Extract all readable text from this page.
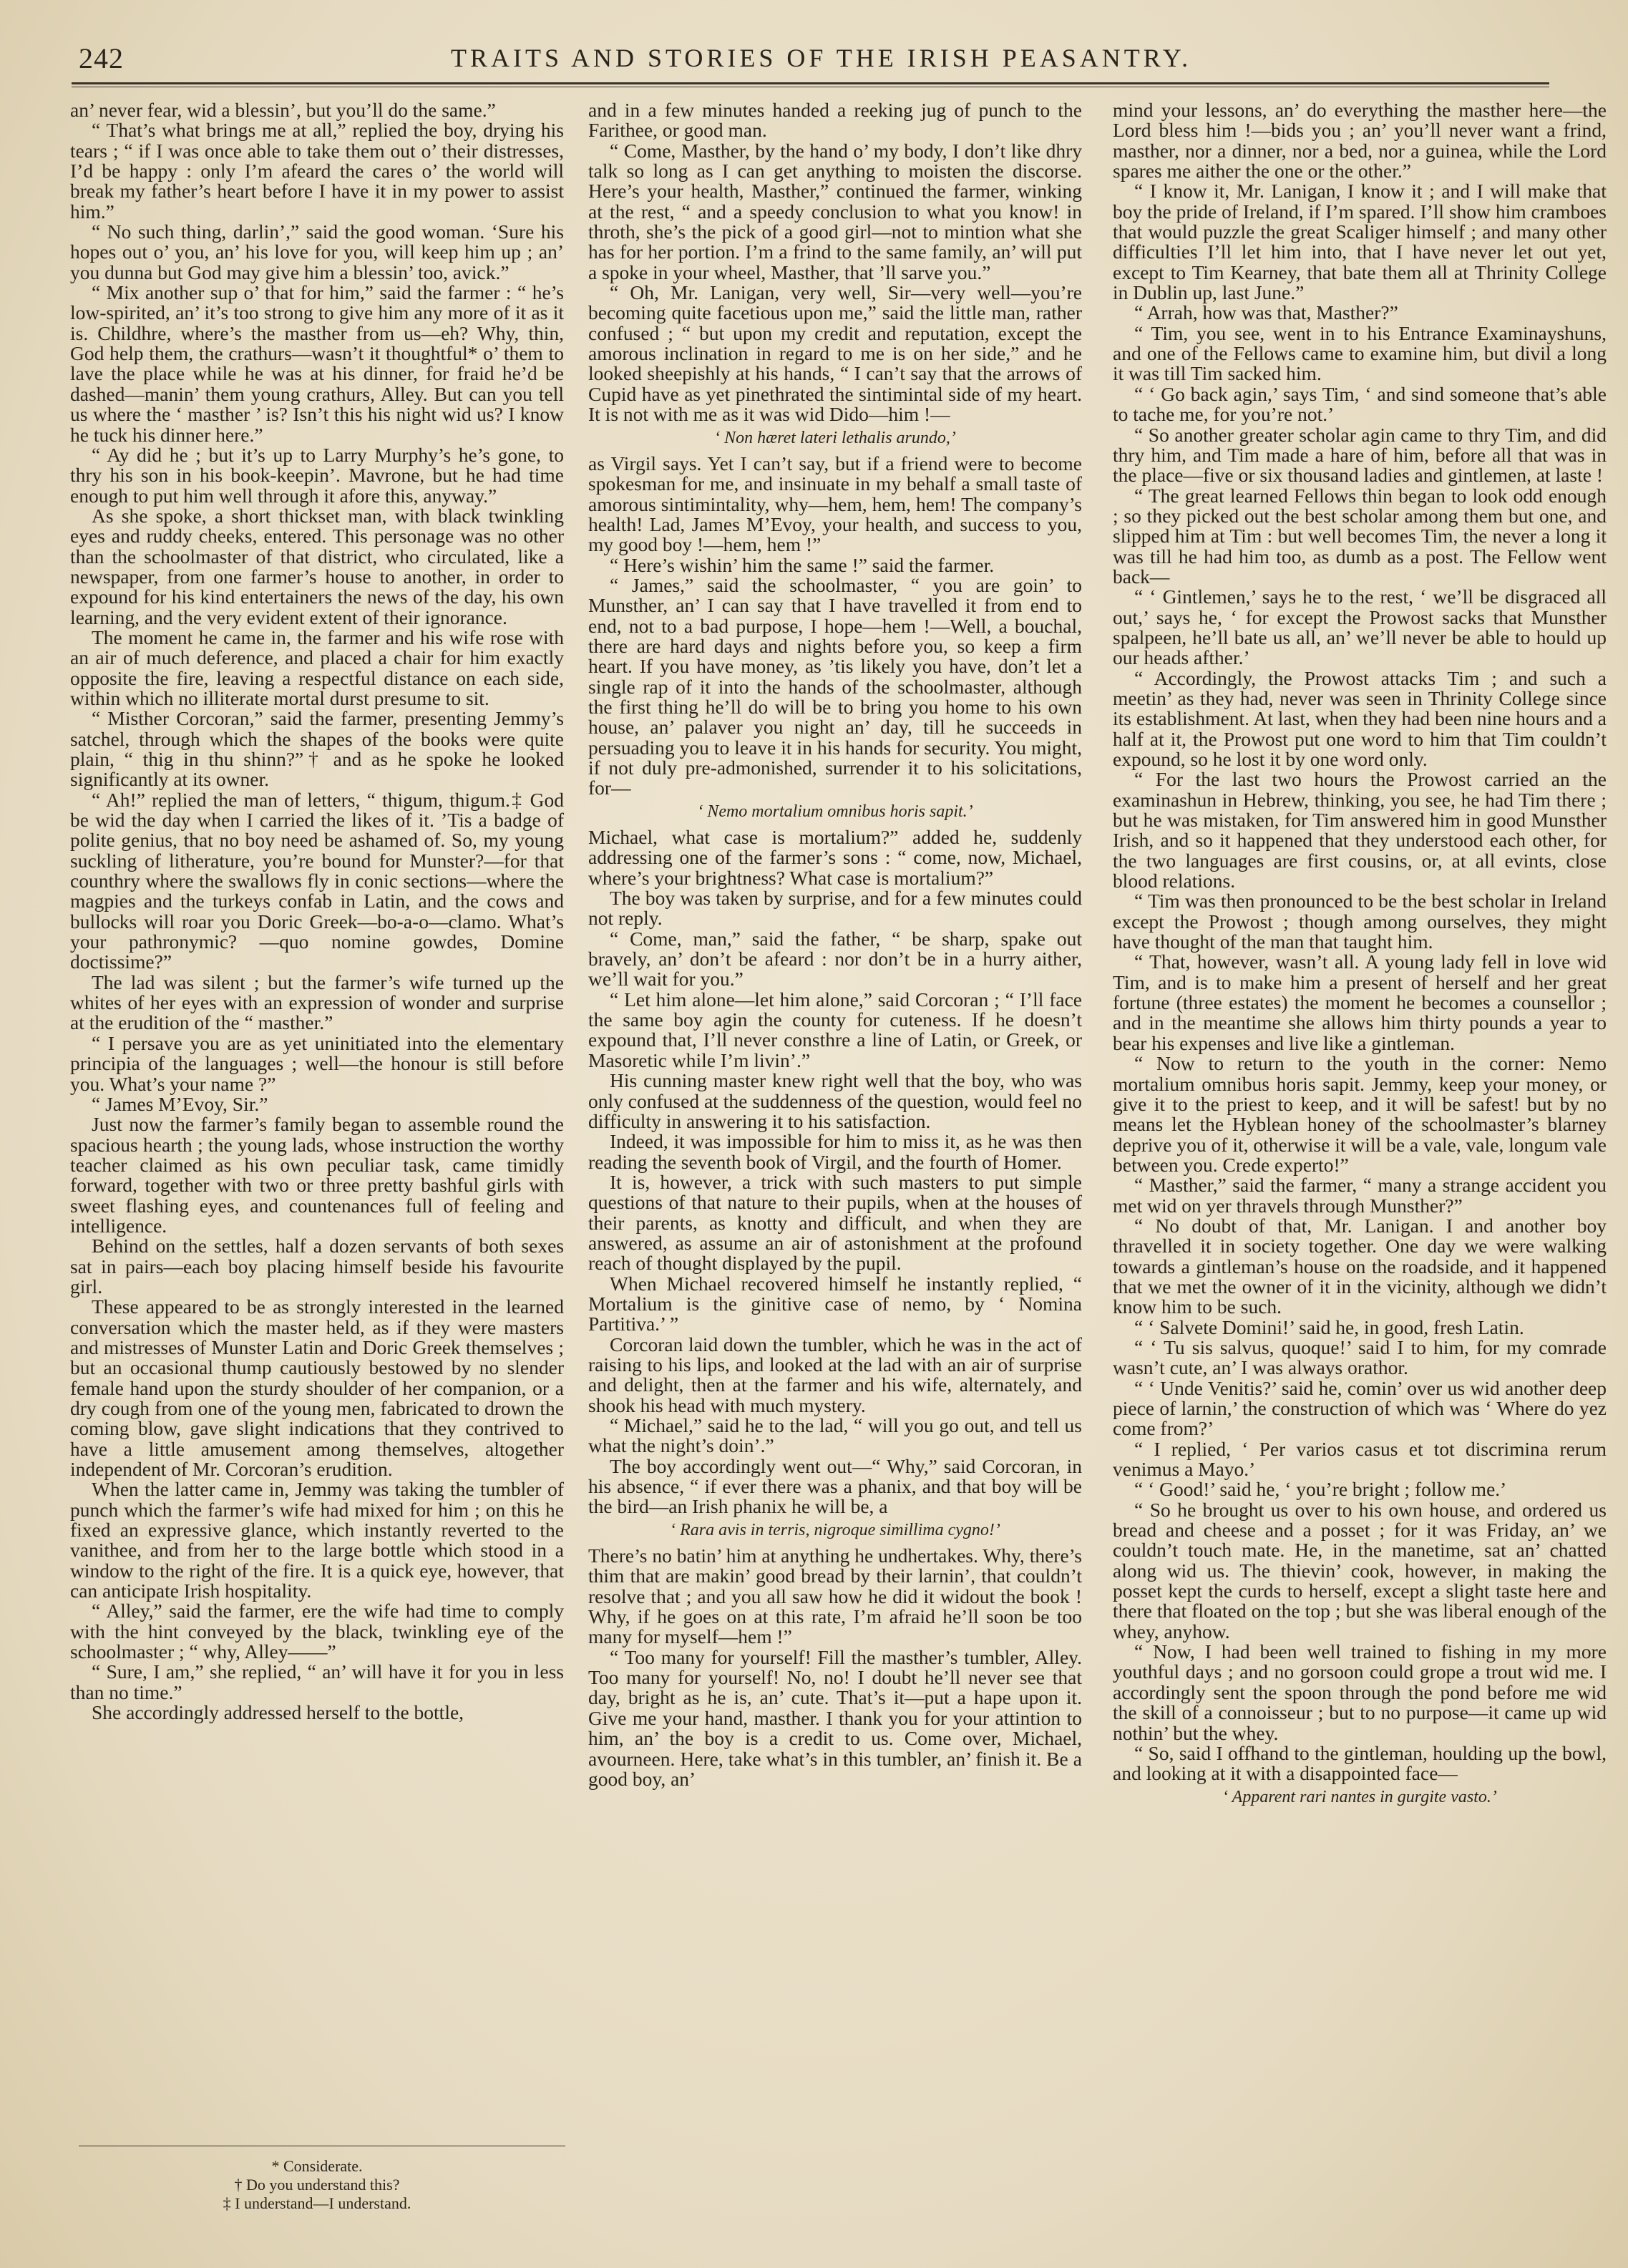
242	TRAITS AND STORIES OF THE IRISH PEASANTRY.

an’ never fear, wid a blessin’, but you’ll do the same.”

“ That’s what brings me at all,” replied the boy, drying his tears ; “ if I was once able to take them out o’ their distresses, I’d be happy : only I’m afeard the cares o’ the world will break my father’s heart before I have it in my power to assist him.”

“ No such thing, darlin’,” said the good woman. ‘Sure his hopes out o’ you, an’ his love for you, will keep him up ; an’ you dunna but God may give him a blessin’ too, avick.”

“ Mix another sup o’ that for him,” said the farmer : “ he’s low-spirited, an’ it’s too strong to give him any more of it as it is. Childhre, where’s the masther from us—eh? Why, thin, God help them, the crathurs—wasn’t it thoughtful* o’ them to lave the place while he was at his dinner, for fraid he’d be dashed—manin’ them young crathurs, Alley. But can you tell us where the ‘ masther ’ is? Isn’t this his night wid us? I know he tuck his dinner here.”

“ Ay did he ; but it’s up to Larry Murphy’s he’s gone, to thry his son in his book-keepin’. Mavrone, but he had time enough to put him well through it afore this, anyway.”

As she spoke, a short thickset man, with black twinkling eyes and ruddy cheeks, entered. This personage was no other than the schoolmaster of that district, who circulated, like a newspaper, from one farmer’s house to another, in order to expound for his kind entertainers the news of the day, his own learning, and the very evident extent of their ignorance.

The moment he came in, the farmer and his wife rose with an air of much deference, and placed a chair for him exactly opposite the fire, leaving a respectful distance on each side, within which no illiterate mortal durst presume to sit.

“ Misther Corcoran,” said the farmer, presenting Jemmy’s satchel, through which the shapes of the books were quite plain, “ thig in thu shinn?”† and as he spoke he looked significantly at its owner.

“ Ah!” replied the man of letters, “ thigum, thigum.‡ God be wid the day when I carried the likes of it. ’Tis a badge of polite genius, that no boy need be ashamed of. So, my young suckling of litherature, you’re bound for Munster?—for that counthry where the swallows fly in conic sections—where the magpies and the turkeys confab in Latin, and the cows and bullocks will roar you Doric Greek—bo-a-o—clamo. What’s your pathronymic? —quo nomine gowdes, Domine doctissime?”

The lad was silent ; but the farmer’s wife turned up the whites of her eyes with an expression of wonder and surprise at the erudition of the “ masther.”

“ I persave you are as yet uninitiated into the elementary principia of the languages ; well—the honour is still before you. What’s your name ?”

“ James M’Evoy, Sir.”

Just now the farmer’s family began to assemble round the spacious hearth ; the young lads, whose instruction the worthy teacher claimed as his own peculiar task, came timidly forward, together with two or three pretty bashful girls with sweet flashing eyes, and countenances full of feeling and intelligence.

Behind on the settles, half a dozen servants of both sexes sat in pairs—each boy placing himself beside his favourite girl.

These appeared to be as strongly interested in the learned conversation which the master held, as if they were masters and mistresses of Munster Latin and Doric Greek themselves ; but an occasional thump cautiously bestowed by no slender female hand upon the sturdy shoulder of her companion, or a dry cough from one of the young men, fabricated to drown the coming blow, gave slight indications that they contrived to have a little amusement among themselves, altogether independent of Mr. Corcoran’s erudition.

When the latter came in, Jemmy was taking the tumbler of punch which the farmer’s wife had mixed for him ; on this he fixed an expressive glance, which instantly reverted to the vanithee, and from her to the large bottle which stood in a window to the right of the fire. It is a quick eye, however, that can anticipate Irish hospitality.

“ Alley,” said the farmer, ere the wife had time to comply with the hint conveyed by the black, twinkling eye of the schoolmaster ; “ why, Alley——”

“ Sure, I am,” she replied, “ an’ will have it for you in less than no time.”

She accordingly addressed herself to the bottle,

and in a few minutes handed a reeking jug of punch to the Farithee, or good man.

“ Come, Masther, by the hand o’ my body, I don’t like dhry talk so long as I can get anything to moisten the discorse. Here’s your health, Masther,” continued the farmer, winking at the rest, “ and a speedy conclusion to what you know! in throth, she’s the pick of a good girl—not to mintion what she has for her portion. I’m a frind to the same family, an’ will put a spoke in your wheel, Masther, that ’ll sarve you.”

“ Oh, Mr. Lanigan, very well, Sir—very well—you’re becoming quite facetious upon me,” said the little man, rather confused ; “ but upon my credit and reputation, except the amorous inclination in regard to me is on her side,” and he looked sheepishly at his hands, “ I can’t say that the arrows of Cupid have as yet pinethrated the sintimintal side of my heart. It is not with me as it was wid Dido—him !—

‘ Non hæret lateri lethalis arundo,’

as Virgil says. Yet I can’t say, but if a friend were to become spokesman for me, and insinuate in my behalf a small taste of amorous sintimintality, why—hem, hem, hem! The company’s health! Lad, James M’Evoy, your health, and success to you, my good boy !—hem, hem !”

“ Here’s wishin’ him the same !” said the farmer.

“ James,” said the schoolmaster, “ you are goin’ to Munsther, an’ I can say that I have travelled it from end to end, not to a bad purpose, I hope—hem !—Well, a bouchal, there are hard days and nights before you, so keep a firm heart. If you have money, as ’tis likely you have, don’t let a single rap of it into the hands of the schoolmaster, although the first thing he’ll do will be to bring you home to his own house, an’ palaver you night an’ day, till he succeeds in persuading you to leave it in his hands for security. You might, if not duly pre-admonished, surrender it to his solicitations, for—

‘ Nemo mortalium omnibus horis sapit.’

Michael, what case is mortalium?” added he, suddenly addressing one of the farmer’s sons : “ come, now, Michael, where’s your brightness? What case is mortalium?”

The boy was taken by surprise, and for a few minutes could not reply.

“ Come, man,” said the father, “ be sharp, spake out bravely, an’ don’t be afeard : nor don’t be in a hurry aither, we’ll wait for you.”

“ Let him alone—let him alone,” said Corcoran ; “ I’ll face the same boy agin the county for cuteness. If he doesn’t expound that, I’ll never consthre a line of Latin, or Greek, or Masoretic while I’m livin’.”

His cunning master knew right well that the boy, who was only confused at the suddenness of the question, would feel no difficulty in answering it to his satisfaction.

Indeed, it was impossible for him to miss it, as he was then reading the seventh book of Virgil, and the fourth of Homer.

It is, however, a trick with such masters to put simple questions of that nature to their pupils, when at the houses of their parents, as knotty and difficult, and when they are answered, as assume an air of astonishment at the profound reach of thought displayed by the pupil.

When Michael recovered himself he instantly replied, “ Mortalium is the ginitive case of nemo, by ‘ Nomina Partitiva.’ ”

Corcoran laid down the tumbler, which he was in the act of raising to his lips, and looked at the lad with an air of surprise and delight, then at the farmer and his wife, alternately, and shook his head with much mystery.

“ Michael,” said he to the lad, “ will you go out, and tell us what the night’s doin’.”

The boy accordingly went out—“ Why,” said Corcoran, in his absence, “ if ever there was a phanix, and that boy will be the bird—an Irish phanix he will be, a

‘ Rara avis in terris, nigroque simillima cygno!’

There’s no batin’ him at anything he undhertakes. Why, there’s thim that are makin’ good bread by their larnin’, that couldn’t resolve that ; and you all saw how he did it widout the book ! Why, if he goes on at this rate, I’m afraid he’ll soon be too many for myself—hem !”

“ Too many for yourself! Fill the masther’s tumbler, Alley. Too many for yourself! No, no! I doubt he’ll never see that day, bright as he is, an’ cute. That’s it—put a hape upon it. Give me your hand, masther. I thank you for your attintion to him, an’ the boy is a credit to us. Come over, Michael, avourneen. Here, take what’s in this tumbler, an’ finish it. Be a good boy, an’

mind your lessons, an’ do everything the masther here—the Lord bless him !—bids you ; an’ you’ll never want a frind, masther, nor a dinner, nor a bed, nor a guinea, while the Lord spares me aither the one or the other.”

“ I know it, Mr. Lanigan, I know it ; and I will make that boy the pride of Ireland, if I’m spared. I’ll show him cramboes that would puzzle the great Scaliger himself ; and many other difficulties I’ll let him into, that I have never let out yet, except to Tim Kearney, that bate them all at Thrinity College in Dublin up, last June.”

“ Arrah, how was that, Masther?”

“ Tim, you see, went in to his Entrance Examinayshuns, and one of the Fellows came to examine him, but divil a long it was till Tim sacked him.

“ ‘ Go back agin,’ says Tim, ‘ and sind someone that’s able to tache me, for you’re not.’

“ So another greater scholar agin came to thry Tim, and did thry him, and Tim made a hare of him, before all that was in the place—five or six thousand ladies and gintlemen, at laste !

“ The great learned Fellows thin began to look odd enough ; so they picked out the best scholar among them but one, and slipped him at Tim : but well becomes Tim, the never a long it was till he had him too, as dumb as a post. The Fellow went back—

“ ‘ Gintlemen,’ says he to the rest, ‘ we’ll be disgraced all out,’ says he, ‘ for except the Prowost sacks that Munsther spalpeen, he’ll bate us all, an’ we’ll never be able to hould up our heads afther.’

“ Accordingly, the Prowost attacks Tim ; and such a meetin’ as they had, never was seen in Thrinity College since its establishment. At last, when they had been nine hours and a half at it, the Prowost put one word to him that Tim couldn’t expound, so he lost it by one word only.

“ For the last two hours the Prowost carried an the examinashun in Hebrew, thinking, you see, he had Tim there ; but he was mistaken, for Tim answered him in good Munsther Irish, and so it happened that they understood each other, for the two languages are first cousins, or, at all evints, close blood relations.

“ Tim was then pronounced to be the best scholar in Ireland except the Prowost ; though among ourselves, they might have thought of the man that taught him.

“ That, however, wasn’t all. A young lady fell in love wid Tim, and is to make him a present of herself and her great fortune (three estates) the moment he becomes a counsellor ; and in the meantime she allows him thirty pounds a year to bear his expenses and live like a gintleman.

“ Now to return to the youth in the corner: Nemo mortalium omnibus horis sapit. Jemmy, keep your money, or give it to the priest to keep, and it will be safest! but by no means let the Hyblean honey of the schoolmaster’s blarney deprive you of it, otherwise it will be a vale, vale, longum vale between you. Crede experto!”

“ Masther,” said the farmer, “ many a strange accident you met wid on yer thravels through Munsther?”

“ No doubt of that, Mr. Lanigan. I and another boy thravelled it in society together. One day we were walking towards a gintleman’s house on the roadside, and it happened that we met the owner of it in the vicinity, although we didn’t know him to be such.

“ ‘ Salvete Domini!’ said he, in good, fresh Latin.

“ ‘ Tu sis salvus, quoque!’ said I to him, for my comrade wasn’t cute, an’ I was always orathor.

“ ‘ Unde Venitis?’ said he, comin’ over us wid another deep piece of larnin,’ the construction of which was ‘ Where do yez come from?’

“ I replied, ‘ Per varios casus et tot discrimina rerum venimus a Mayo.’

“ ‘ Good!’ said he, ‘ you’re bright ; follow me.’

“ So he brought us over to his own house, and ordered us bread and cheese and a posset ; for it was Friday, an’ we couldn’t touch mate. He, in the manetime, sat an’ chatted along wid us. The thievin’ cook, however, in making the posset kept the curds to herself, except a slight taste here and there that floated on the top ; but she was liberal enough of the whey, anyhow.

“ Now, I had been well trained to fishing in my more youthful days ; and no gorsoon could grope a trout wid me. I accordingly sent the spoon through the pond before me wid the skill of a connoisseur ; but to no purpose—it came up wid nothin’ but the whey.

“ So, said I offhand to the gintleman, houlding up the bowl, and looking at it with a disappointed face—

‘ Apparent rari nantes in gurgite vasto.’

* Considerate.
† Do you understand this?
‡ I understand—I understand.
